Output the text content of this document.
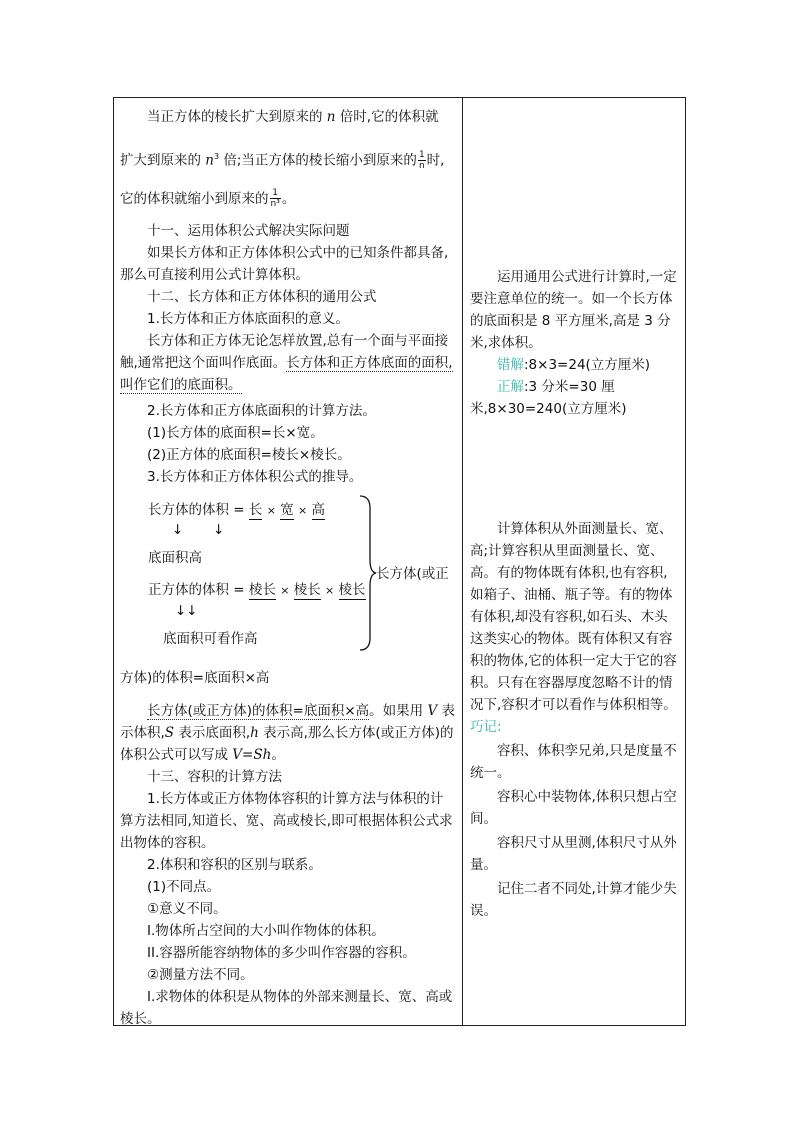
当正方体的棱长扩大到原来的 n 倍时,它的体积就

扩大到原来的 $n^3$ 倍;当正方体的棱长缩小到原来的 $\frac{1}{n}$ 时,

它的体积就缩小到原来的 $\frac{1}{\text{n³}}$ 。

十一、运用体积公式解决实际问题

如果长方体和正方体体积公式中的已知条件都具备,那么可直接利用公式计算体积。

十二、长方体和正方体体积的通用公式

1.长方体和正方体底面积的意义。

长方体和正方体无论怎样放置,总有一个面与平面接触,通常把这个面叫作底面。长方体和正方体底面的面积,叫作它们的底面积。

2.长方体和正方体底面积的计算方法。

(1)长方体的底面积=长×宽。

(2)正方体的底面积=棱长×棱长。

3.长方体和正方体体积公式的推导。

长方体的体积 = 长 × 宽 × 高
↓ ↓
底面积高
正方体的体积 = 棱长 × 棱长 × 棱长
↓↓
底面积可看作高
长方体(或正
方体)的体积=底面积×高

长方体(或正方体)的体积=底面积×高。如果用 V 表示体积,S 表示底面积,h 表示高,那么长方体(或正方体)的体积公式可以写成 V=Sh。

十三、容积的计算方法

1.长方体或正方体物体容积的计算方法与体积的计算方法相同,知道长、宽、高或棱长,即可根据体积公式求出物体的容积。

2.体积和容积的区别与联系。

(1)不同点。

①意义不同。

I.物体所占空间的大小叫作物体的体积。

II.容器所能容纳物体的多少叫作容器的容积。

②测量方法不同。

I.求物体的体积是从物体的外部来测量长、宽、高或棱长。

运用通用公式进行计算时,一定要注意单位的统一。如一个长方体的底面积是 8 平方厘米,高是 3 分米,求体积。

错解:8×3=24(立方厘米)

正解:3 分米=30 厘

米,8×30=240(立方厘米)

计算体积从外面测量长、宽、高;计算容积从里面测量长、宽、高。有的物体既有体积,也有容积,如箱子、油桶、瓶子等。有的物体有体积,却没有容积,如石头、木头这类实心的物体。既有体积又有容积的物体,它的体积一定大于它的容积。只有在容器厚度忽略不计的情况下,容积才可以看作与体积相等。

巧记:

容积、体积孪兄弟,只是度量不统一。

容积心中装物体,体积只想占空间。

容积尺寸从里测,体积尺寸从外量。

记住二者不同处,计算才能少失误。
